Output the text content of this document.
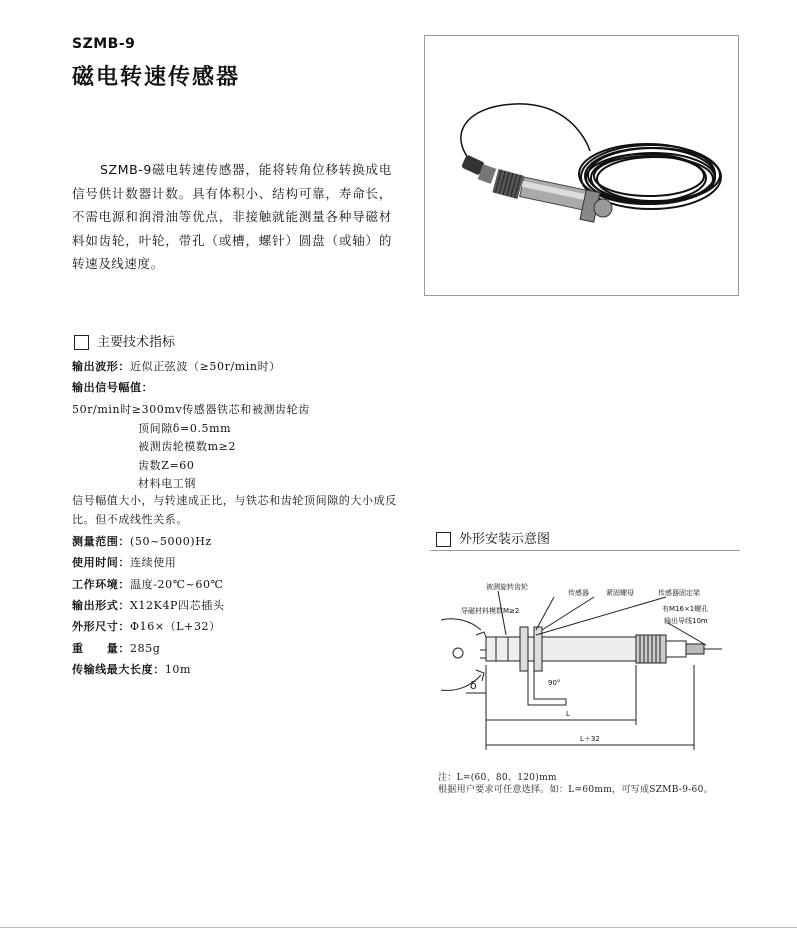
SZMB-9
磁电转速传感器

SZMB-9磁电转速传感器，能将转角位移转换成电信号供计数器计数。具有体积小、结构可靠，寿命长，不需电源和润滑油等优点，非接触就能测量各种导磁材料如齿轮，叶轮，带孔（或槽，螺针）圆盘（或轴）的转速及线速度。

主要技术指标
输出波形：近似正弦波（≥50r/min时）
输出信号幅值：
50r/min时≥300mv传感器铁芯和被测齿轮齿
顶间隙δ=0.5mm
被测齿轮模数m≥2
齿数Z=60
材料电工钢
信号幅值大小，与转速成正比，与铁芯和齿轮顶间隙的大小成反比。但不成线性关系。
测量范围：(50~5000)Hz
使用时间：连续使用
工作环境：温度-20℃~60℃
输出形式：X12K4P四芯插头
外形尺寸：Φ16×（L+32）
重　　量：285g
传输线最大长度：10m
外形安装示意图
被测旋转齿轮
导磁材料模数M≥2
传感器 紧固螺母	传感器固定架
有M16×1螺孔
输出导线10m
δ	90°
L
L＋32
注：L=(60、80、120)mm
根据用户要求可任意选择。如：L=60mm，可写成SZMB-9-60。
